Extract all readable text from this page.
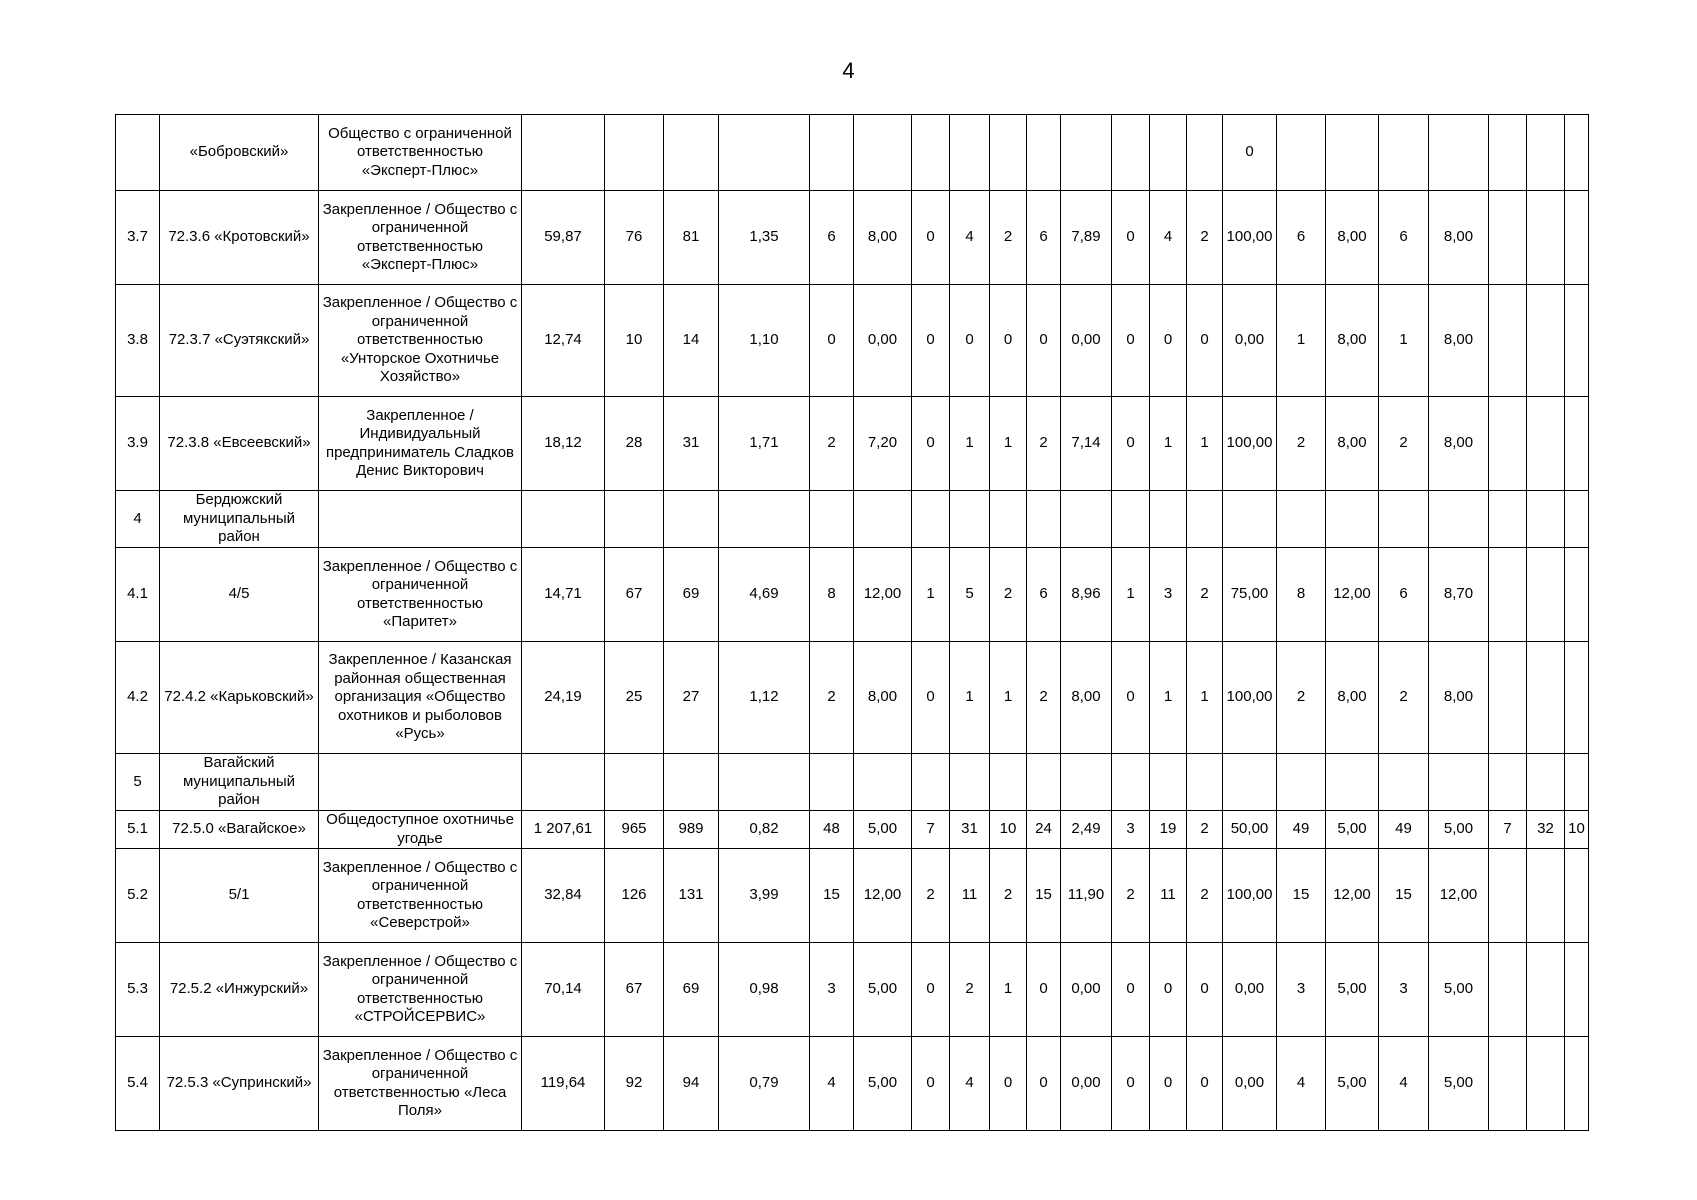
4
	«Бобровский»	Общество с ограниченной ответственностью «Эксперт-Плюс»															0							
3.7	72.3.6 «Кротовский»	Закрепленное / Общество с ограниченной ответственностью «Эксперт-Плюс»	59,87	76	81	1,35	6	8,00	0	4	2	6	7,89	0	4	2	100,00	6	8,00	6	8,00			
3.8	72.3.7 «Суэтякский»	Закрепленное / Общество с ограниченной ответственностью «Унторское Охотничье Хозяйство»	12,74	10	14	1,10	0	0,00	0	0	0	0	0,00	0	0	0	0,00	1	8,00	1	8,00			
3.9	72.3.8 «Евсеевский»	Закрепленное / Индивидуальный предприниматель Сладков Денис Викторович	18,12	28	31	1,71	2	7,20	0	1	1	2	7,14	0	1	1	100,00	2	8,00	2	8,00			
4	Бердюжский муниципальный район																							
4.1	4/5	Закрепленное / Общество с ограниченной ответственностью «Паритет»	14,71	67	69	4,69	8	12,00	1	5	2	6	8,96	1	3	2	75,00	8	12,00	6	8,70			
4.2	72.4.2 «Карьковский»	Закрепленное / Казанская районная общественная организация «Общество охотников и рыболовов «Русь»	24,19	25	27	1,12	2	8,00	0	1	1	2	8,00	0	1	1	100,00	2	8,00	2	8,00			
5	Вагайский муниципальный район																							
5.1	72.5.0 «Вагайское»	Общедоступное охотничье угодье	1 207,61	965	989	0,82	48	5,00	7	31	10	24	2,49	3	19	2	50,00	49	5,00	49	5,00	7	32	10
5.2	5/1	Закрепленное / Общество с ограниченной ответственностью «Северстрой»	32,84	126	131	3,99	15	12,00	2	11	2	15	11,90	2	11	2	100,00	15	12,00	15	12,00			
5.3	72.5.2 «Инжурский»	Закрепленное / Общество с ограниченной ответственностью «СТРОЙСЕРВИС»	70,14	67	69	0,98	3	5,00	0	2	1	0	0,00	0	0	0	0,00	3	5,00	3	5,00			
5.4	72.5.3 «Супринский»	Закрепленное / Общество с ограниченной ответственностью «Леса Поля»	119,64	92	94	0,79	4	5,00	0	4	0	0	0,00	0	0	0	0,00	4	5,00	4	5,00			
